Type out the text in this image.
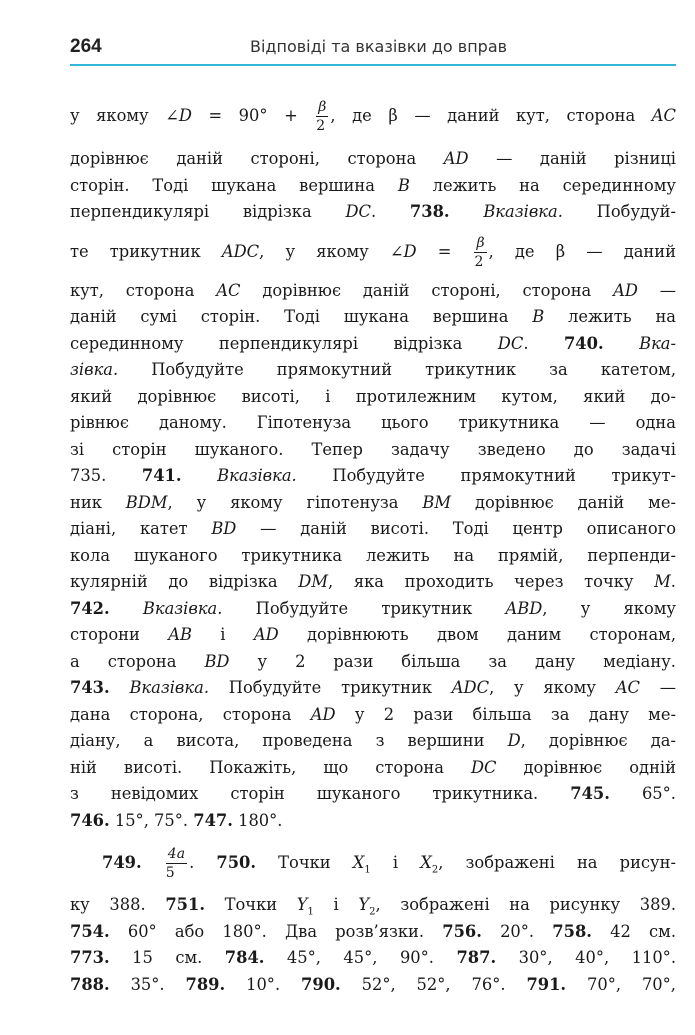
264	Відповіді та вказівки до вправ
у якому ∠D = $90^\circ + \frac{\beta}{2}$ , де β — даний кут, сторона AC
дорівнює даній стороні, сторона AD — даній різниці
сторін. Тоді шукана вершина B лежить на серединному
перпендикулярі відрізка DC. 738. Вказівка. Побудуй-
те трикутник ADC, у якому ∠D = $\frac{\beta}{2}$ , де β — даний
кут, сторона AC дорівнює даній стороні, сторона AD —
даній сумі сторін. Тоді шукана вершина B лежить на
серединному перпендикулярі відрізка DC. 740. Вка-
зівка. Побудуйте прямокутний трикутник за катетом,
який дорівнює висоті, і протилежним кутом, який до-
рівнює даному. Гіпотенуза цього трикутника — одна
зі сторін шуканого. Тепер задачу зведено до задачі
735. 741. Вказівка. Побудуйте прямокутний трикут-
ник BDM, у якому гіпотенуза BM дорівнює даній ме-
діані, катет BD — даній висоті. Тоді центр описаного
кола шуканого трикутника лежить на прямій, перпенди-
кулярній до відрізка DM, яка проходить через точку M.
742. Вказівка. Побудуйте трикутник ABD, у якому
сторони AB і AD дорівнюють двом даним сторонам,
а сторона BD у 2 рази більша за дану медіану.
743. Вказівка. Побудуйте трикутник ADC, у якому AC —
дана сторона, сторона AD у 2 рази більша за дану ме-
діану, а висота, проведена з вершини D, дорівнює да-
ній висоті. Покажіть, що сторона DC дорівнює одній
з невідомих сторін шуканого трикутника. 745. 65°.
746. 15°, 75°. 747. 180°.
749. $\frac{4a}{5}$ . 750. Точки $X_1$ і $X_2$, зображені на рисун-
ку 388. 751. Точки $Y_1$ і $Y_2$, зображені на рисунку 389.
754. 60° або 180°. Два розв’язки. 756. 20°. 758. 42 см.
773. 15 см. 784. 45°, 45°, 90°. 787. 30°, 40°, 110°.
788. 35°. 789. 10°. 790. 52°, 52°, 76°. 791. 70°, 70°,
